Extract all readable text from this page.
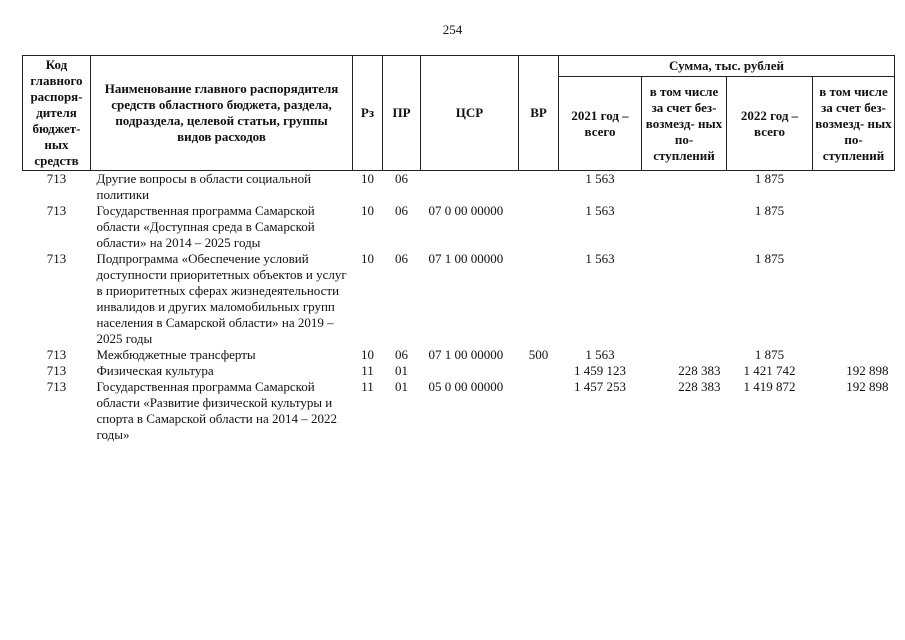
254
Код главного распоря- дителя бюджет- ных средств	Наименование главного распорядителя средств областного бюджета, раздела, подраздела, целевой статьи, группы видов расходов	Рз	ПР	ЦСР	ВР	Сумма, тыс. рублей			
						2021 год – всего	в том числе за счет без- возмезд- ных по- ступлений	2022 год – всего	в том числе за счет без- возмезд- ных по- ступлений
713	Другие вопросы в области социальной политики	10	06			1 563		1 875	
713	Государственная программа Самарской области «Доступная среда в Самарской области» на 2014 – 2025 годы	10	06	07 0 00 00000		1 563		1 875	
713	Подпрограмма «Обеспечение условий доступности приоритетных объектов и услуг в приоритетных сферах жизнедеятельности инвалидов и других маломобильных групп населения в Самарской области» на 2019 – 2025 годы	10	06	07 1 00 00000		1 563		1 875	
713	Межбюджетные трансферты	10	06	07 1 00 00000	500	1 563		1 875	
713	Физическая культура	11	01			1 459 123	228 383	1 421 742	192 898
713	Государственная программа Самарской области «Развитие физической культуры и спорта в Самарской области на 2014 – 2022 годы»	11	01	05 0 00 00000		1 457 253	228 383	1 419 872	192 898
